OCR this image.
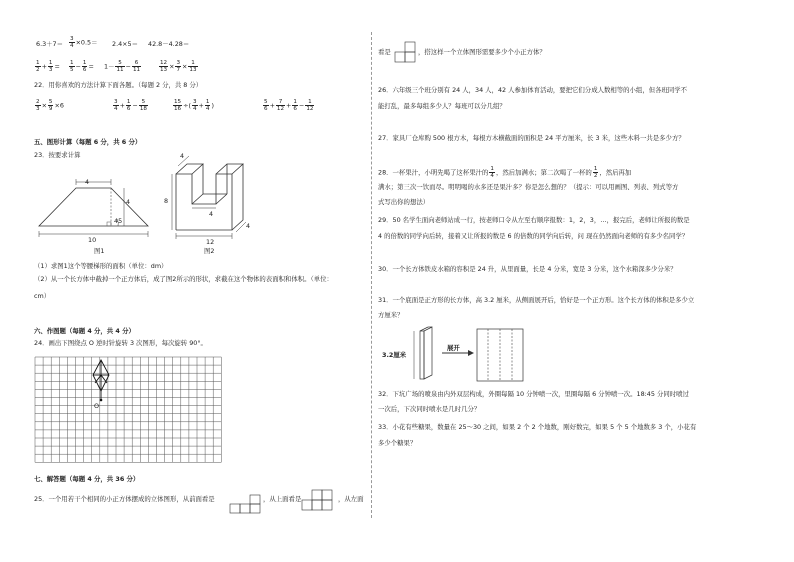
$6.3+7= \frac{3}{4} \times 0.5= 2.4\times 5= 42.8-4.28=$
$\frac{1}{2} + \frac{1}{3} = \frac{1}{5} - \frac{1}{6} = 1- \frac{5}{11} - \frac{6}{11}$	$\frac{12}{13} \times \frac{3}{7} \times \frac{1}{13}$
22．用你喜欢的方法计算下面各题。（每题 2 分，共 8 分）
$\frac{2}{3} \times \frac{5}{9} \times 6$	$\frac{3}{4} + \frac{1}{6} - \frac{5}{18}$	$\frac{15}{16}$ ÷( $\frac{3}{4} + \frac{1}{4}$ )	$\frac{5}{6} + \frac{7}{12} + \frac{1}{6} - \frac{1}{12}$
五、图形计算（每题 6 分，共 6 分）
23．按要求计算
4
4
45
10
图1
4
8
4
12
4
图2
（1）求图1这个等腰梯形的面积（单位：dm）
（2）从一个长方体中截掉一个正方体后，成了图2所示的形状，求截在这个物体的表面积和体积。（单位：
cm）
六、作图题（每题 4 分，共 4 分）
24．画出下图绕点 O 逆时针旋转 3 次图形，每次旋转 90°。
O
七、解答题（每题 4 分，共 36 分）
25．一个用若干个相同的小正方体摆成的立体图形，从前面看是	，从上面看是	，从左面
看是	，搭这样一个立体图形需要多少个小正方体？
26．六年级三个班分别有 24 人，34 人，42 人参加体育活动，要把它们分成人数相等的小组，但各班同学不
能打乱，最多每组多少人？每班可以分几组？
27．家具厂仓库购 500 根方木，每根方木横截面的面积是 24 平方厘米，长 3 米，这些木料一共是多少方？
28．一杯果汁，小明先喝了这杯果汁的 $\frac{1}{4}$ ，然后加满水；第二次喝了一杯的 $\frac{1}{2}$ ，然后再加
满水；第三次一饮而尽。明明喝的水多还是果汁多？你是怎么想的？（提示：可以用画图、列表、列式等方
式写出你的想法）
29．50 名学生面向老师站成一行，按老师口令从左至右顺序报数：1，2，3，…，报完后，老师让所报的数是
4 的倍数的同学向后转，接着又让所报的数是 6 的倍数的同学向后转，问 现在仍然面向老师的有多少名同学？
30．一个长方体铁皮水箱的容积是 24 升，从里面量，长是 4 分米，宽是 3 分米，这个水箱深多少分米？
31．一个底面是正方形的长方体，高 3.2 厘米，从侧面展开后，恰好是一个正方形。这个长方体的体积是多少立
方厘米？
3.2厘米
展开
32．下坑广场的喷泉由内外双层构成，外圈每隔 10 分钟喷一次，里圈每隔 6 分钟喷一次。18:45 分同时喷过
一次后，下次同时喷水是几时几分？
33．小花有些糖果，数量在 25～30 之间，如果 2 个 2 个地数，刚好数完，如果 5 个 5 个地数多 3 个，小花有
多少个糖果？
